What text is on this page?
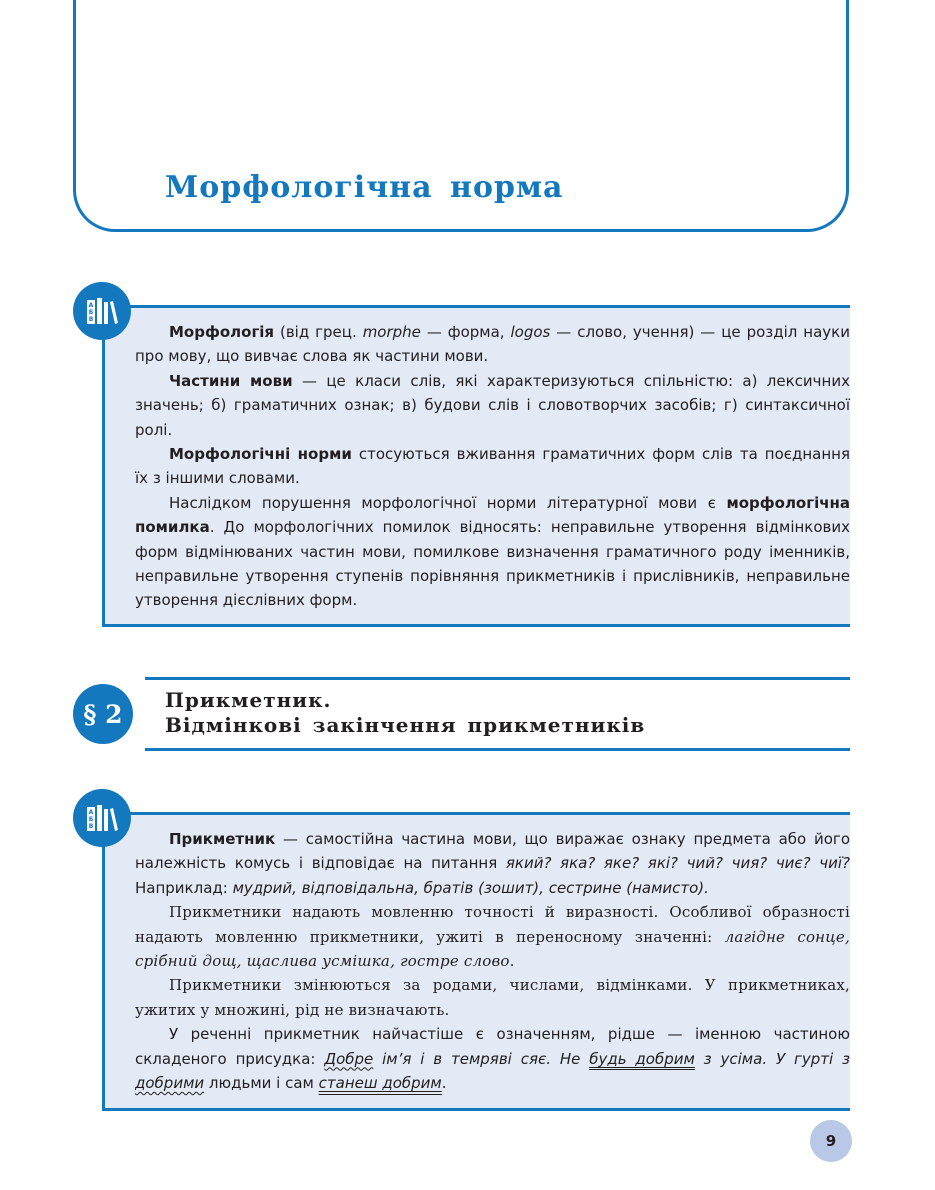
Морфологічна норма

Морфологія (від грец. morphe — форма, logos — слово, учення) — це розділ науки про мову, що вивчає слова як частини мови.

Частини мови — це класи слів, які характеризуються спільністю: а) лексичних значень; б) граматичних ознак; в) будови слів і словотворчих засобів; г) синтаксичної ролі.

Морфологічні норми стосуються вживання граматичних форм слів та поєднання їх з іншими словами.

Наслідком порушення морфологічної норми літературної мови є морфологічна помилка. До морфологічних помилок відносять: неправильне утворення відмінкових форм відмінюваних частин мови, помилкове визначення граматичного роду іменників, неправильне утворення ступенів порівняння прикметників і прислівників, неправильне утворення дієслівних форм.

А
Б
В
Прикметник.
Відмінкові закінчення прикметників
§ 2

Прикметник — самостійна частина мови, що виражає ознаку предмета або його належність комусь і відповідає на питання який? яка? яке? які? чий? чия? чиє? чиї? Наприклад: мудрий, відповідальна, братів (зошит), сестрине (намисто).

Прикметники надають мовленню точності й виразності. Особливої образності надають мовленню прикметники, ужиті в переносному значенні: лагідне сонце, срібний дощ, щаслива усмішка, гостре слово.

Прикметники змінюються за родами, числами, відмінками. У прикметниках, ужитих у множині, рід не визначають.

У реченні прикметник найчастіше є означенням, рідше — іменною частиною складеного присудка: Добре ім’я і в темряві сяє. Не будь добрим з усіма. У гурті з добрими людьми і сам станеш добрим.

А
Б
В
9
